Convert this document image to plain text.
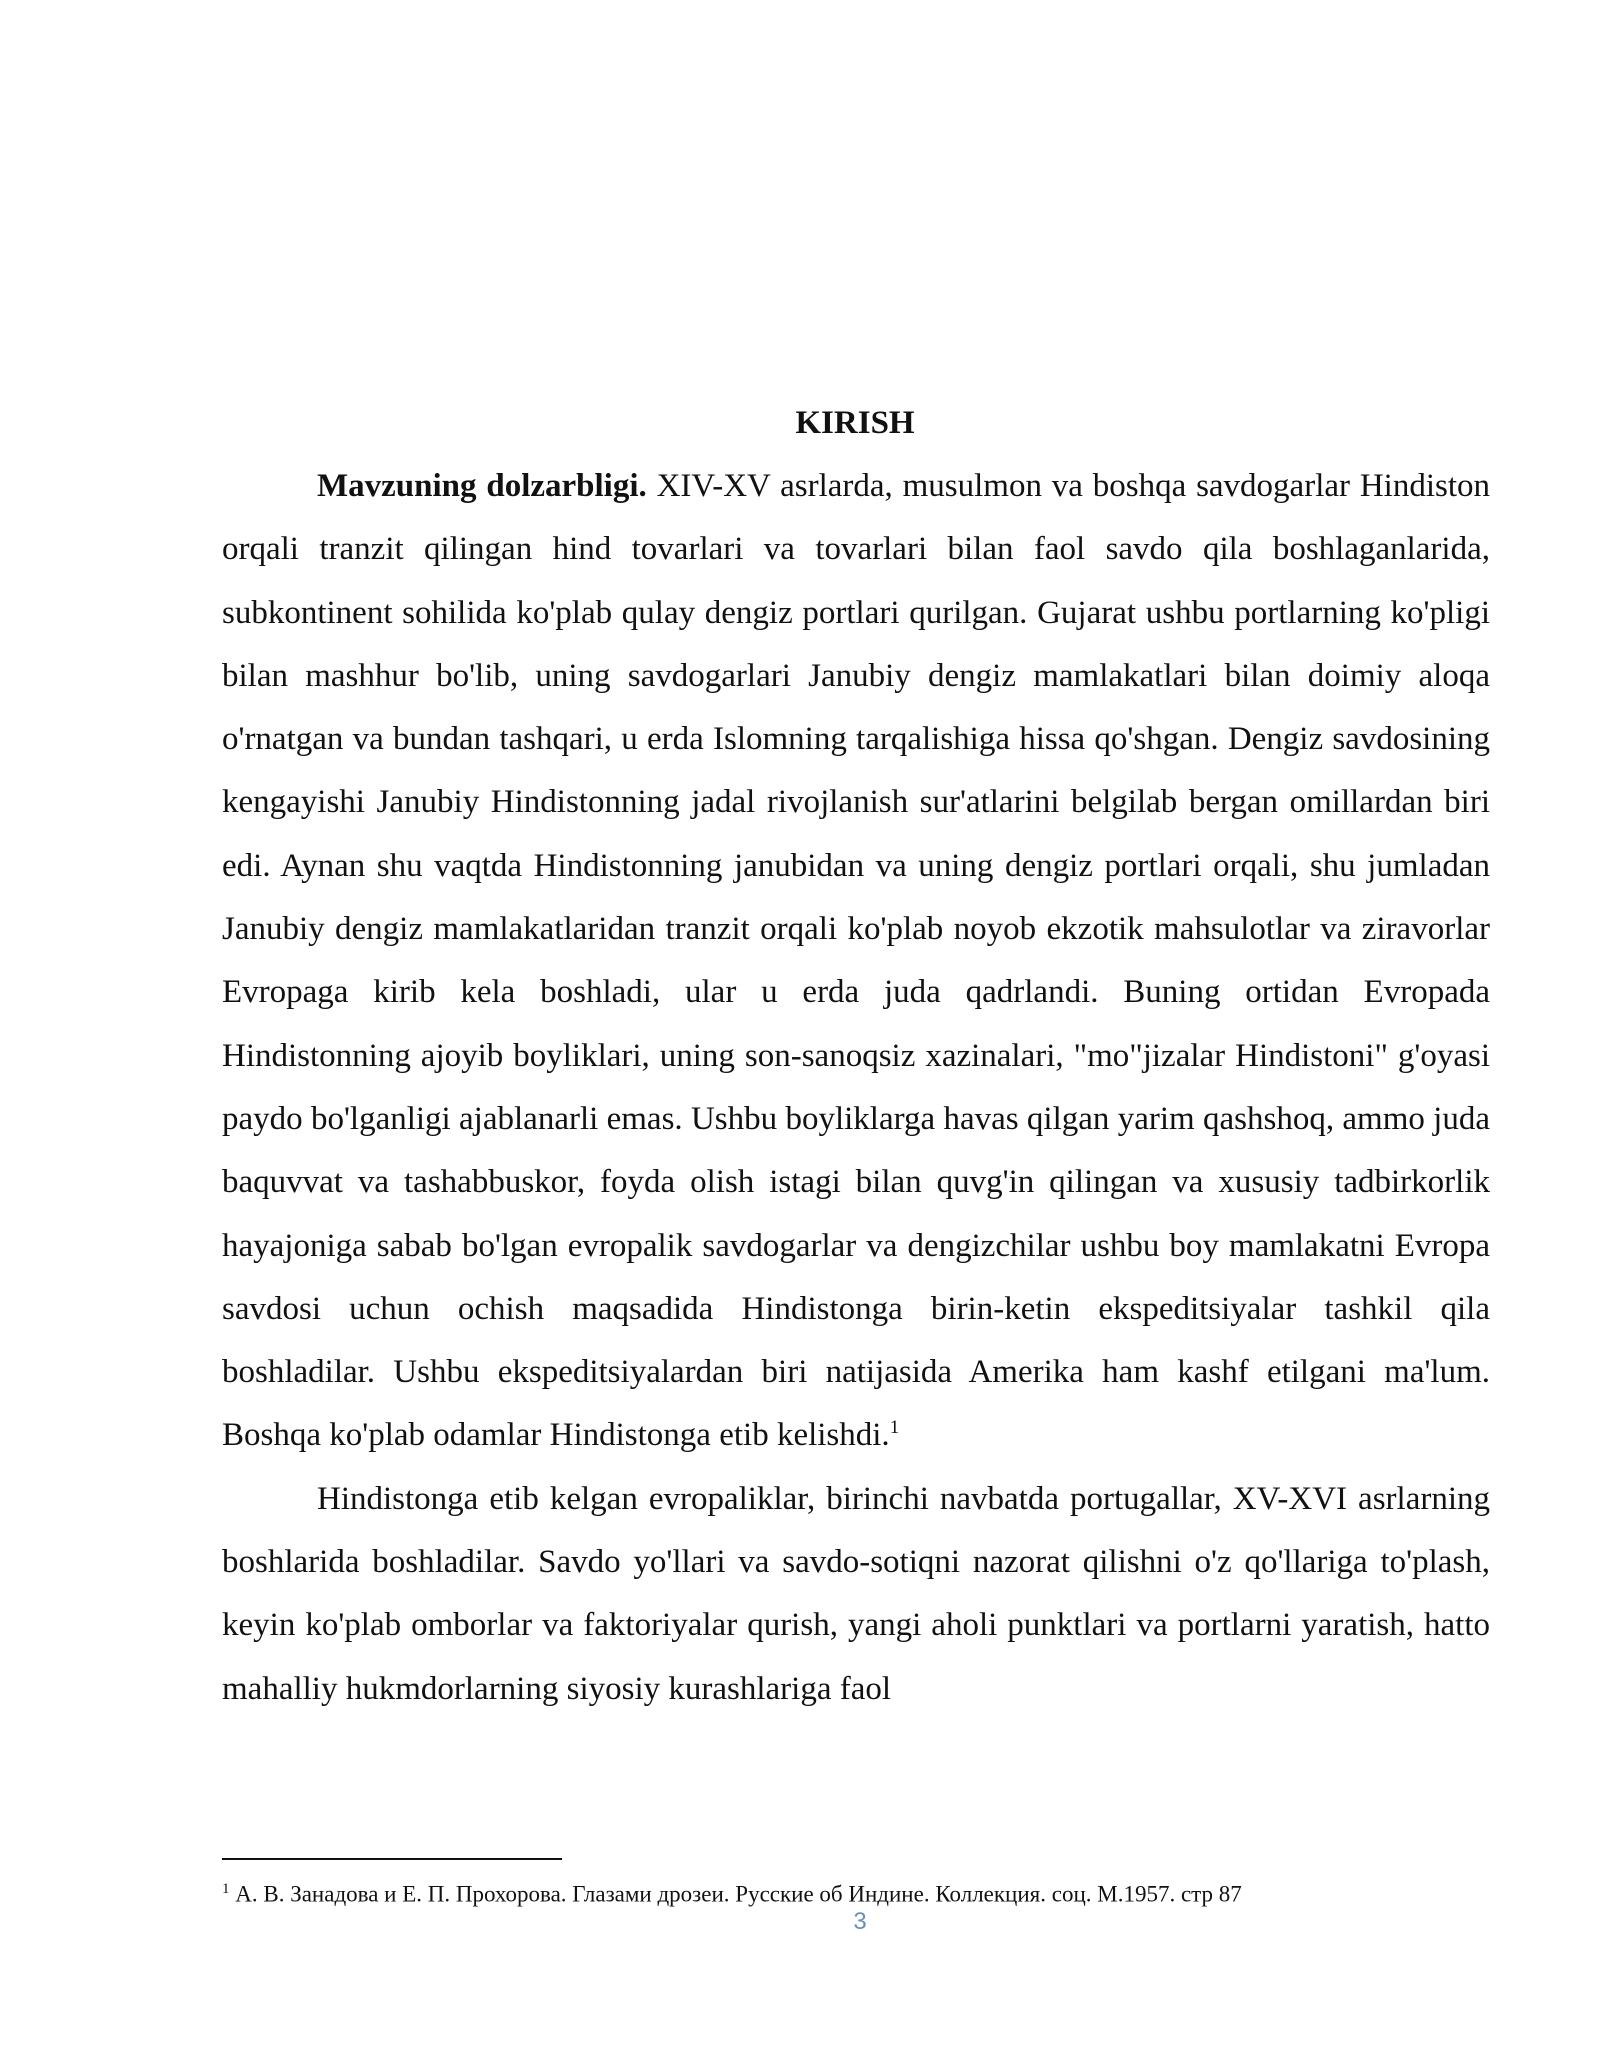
KIRISH

Mavzuning dolzarbligi. XIV-XV asrlarda, musulmon va boshqa savdogarlar Hindiston orqali tranzit qilingan hind tovarlari va tovarlari bilan faol savdo qila boshlaganlarida, subkontinent sohilida ko'plab qulay dengiz portlari qurilgan. Gujarat ushbu portlarning ko'pligi bilan mashhur bo'lib, uning savdogarlari Janubiy dengiz mamlakatlari bilan doimiy aloqa o'rnatgan va bundan tashqari, u erda Islomning tarqalishiga hissa qo'shgan. Dengiz savdosining kengayishi Janubiy Hindistonning jadal rivojlanish sur'atlarini belgilab bergan omillardan biri edi. Aynan shu vaqtda Hindistonning janubidan va uning dengiz portlari orqali, shu jumladan Janubiy dengiz mamlakatlaridan tranzit orqali ko'plab noyob ekzotik mahsulotlar va ziravorlar Evropaga kirib kela boshladi, ular u erda juda qadrlandi. Buning ortidan Evropada Hindistonning ajoyib boyliklari, uning son-sanoqsiz xazinalari, "mo"jizalar Hindistoni" g'oyasi paydo bo'lganligi ajablanarli emas. Ushbu boyliklarga havas qilgan yarim qashshoq, ammo juda baquvvat va tashabbuskor, foyda olish istagi bilan quvg'in qilingan va xususiy tadbirkorlik hayajoniga sabab bo'lgan evropalik savdogarlar va dengizchilar ushbu boy mamlakatni Evropa savdosi uchun ochish maqsadida Hindistonga birin-ketin ekspeditsiyalar tashkil qila boshladilar. Ushbu ekspeditsiyalardan biri natijasida Amerika ham kashf etilgani ma'lum. Boshqa ko'plab odamlar Hindistonga etib kelishdi.$^1$

Hindistonga etib kelgan evropaliklar, birinchi navbatda portugallar, XV-XVI asrlarning boshlarida boshladilar. Savdo yo'llari va savdo-sotiqni nazorat qilishni o'z qo'llariga to'plash, keyin ko'plab omborlar va faktoriyalar qurish, yangi aholi punktlari va portlarni yaratish, hatto mahalliy hukmdorlarning siyosiy kurashlariga faol

$^1$ А. В. Занадова и Е. П. Прохорова. Глазами дрозеи. Русские об Индине. Коллекция. соц. М.1957. стр 87

3
